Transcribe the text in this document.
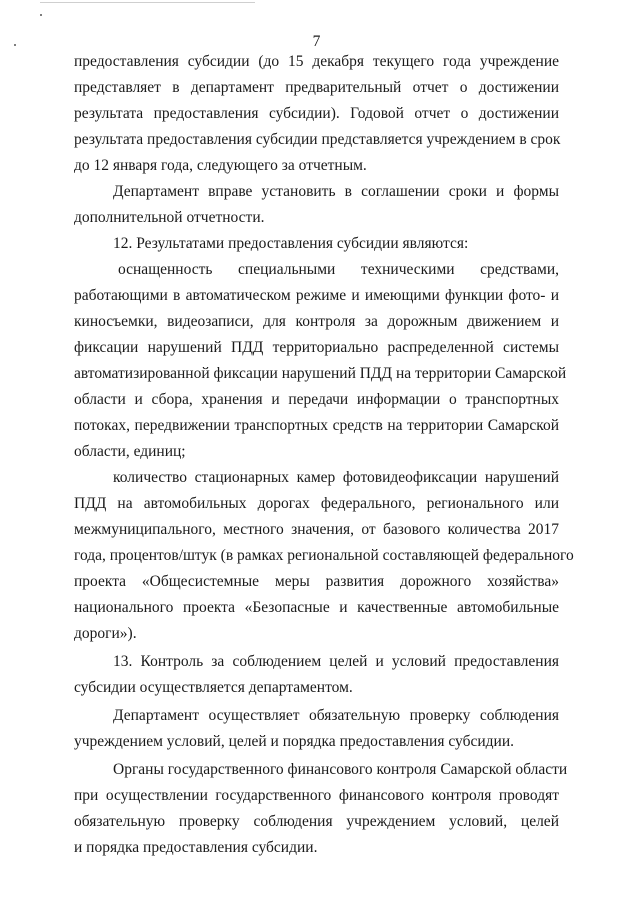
7
предоставления субсидии (до 15 декабря текущего года учреждение
представляет в департамент предварительный отчет о достижении
результата предоставления субсидии). Годовой отчет о достижении
результата предоставления субсидии представляется учреждением в срок
до 12 января года, следующего за отчетным.
Департамент вправе установить в соглашении сроки и формы
дополнительной отчетности.
12. Результатами предоставления субсидии являются:
оснащенность специальными техническими средствами,
работающими в автоматическом режиме и имеющими функции фото- и
киносъемки, видеозаписи, для контроля за дорожным движением и
фиксации нарушений ПДД территориально распределенной системы
автоматизированной фиксации нарушений ПДД на территории Самарской
области и сбора, хранения и передачи информации о транспортных
потоках, передвижении транспортных средств на территории Самарской
области, единиц;
количество стационарных камер фотовидеофиксации нарушений
ПДД на автомобильных дорогах федерального, регионального или
межмуниципального, местного значения, от базового количества 2017
года, процентов/штук (в рамках региональной составляющей федерального
проекта «Общесистемные меры развития дорожного хозяйства»
национального проекта «Безопасные и качественные автомобильные
дороги»).
13. Контроль за соблюдением целей и условий предоставления
субсидии осуществляется департаментом.
Департамент осуществляет обязательную проверку соблюдения
учреждением условий, целей и порядка предоставления субсидии.
Органы государственного финансового контроля Самарской области
при осуществлении государственного финансового контроля проводят
обязательную проверку соблюдения учреждением условий, целей
и порядка предоставления субсидии.
